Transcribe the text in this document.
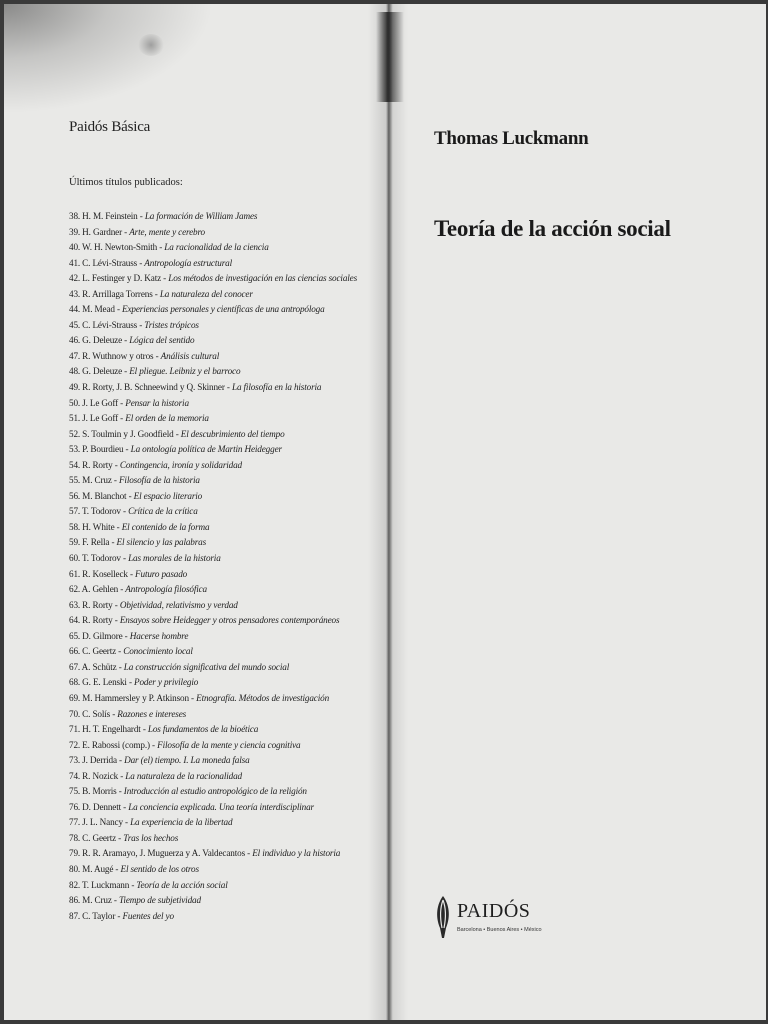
Paidós Básica
Últimos títulos publicados:
38. H. M. Feinstein - La formación de William James
39. H. Gardner - Arte, mente y cerebro
40. W. H. Newton-Smith - La racionalidad de la ciencia
41. C. Lévi-Strauss - Antropología estructural
42. L. Festinger y D. Katz - Los métodos de investigación en las ciencias sociales
43. R. Arrillaga Torrens - La naturaleza del conocer
44. M. Mead - Experiencias personales y científicas de una antropóloga
45. C. Lévi-Strauss - Tristes trópicos
46. G. Deleuze - Lógica del sentido
47. R. Wuthnow y otros - Análisis cultural
48. G. Deleuze - El pliegue. Leibniz y el barroco
49. R. Rorty, J. B. Schneewind y Q. Skinner - La filosofía en la historia
50. J. Le Goff - Pensar la historia
51. J. Le Goff - El orden de la memoria
52. S. Toulmin y J. Goodfield - El descubrimiento del tiempo
53. P. Bourdieu - La ontología política de Martin Heidegger
54. R. Rorty - Contingencia, ironía y solidaridad
55. M. Cruz - Filosofía de la historia
56. M. Blanchot - El espacio literario
57. T. Todorov - Crítica de la crítica
58. H. White - El contenido de la forma
59. F. Rella - El silencio y las palabras
60. T. Todorov - Las morales de la historia
61. R. Koselleck - Futuro pasado
62. A. Gehlen - Antropología filosófica
63. R. Rorty - Objetividad, relativismo y verdad
64. R. Rorty - Ensayos sobre Heidegger y otros pensadores contemporáneos
65. D. Gilmore - Hacerse hombre
66. C. Geertz - Conocimiento local
67. A. Schütz - La construcción significativa del mundo social
68. G. E. Lenski - Poder y privilegio
69. M. Hammersley y P. Atkinson - Etnografía. Métodos de investigación
70. C. Solís - Razones e intereses
71. H. T. Engelhardt - Los fundamentos de la bioética
72. E. Rabossi (comp.) - Filosofía de la mente y ciencia cognitiva
73. J. Derrida - Dar (el) tiempo. I. La moneda falsa
74. R. Nozick - La naturaleza de la racionalidad
75. B. Morris - Introducción al estudio antropológico de la religión
76. D. Dennett - La conciencia explicada. Una teoría interdisciplinar
77. J. L. Nancy - La experiencia de la libertad
78. C. Geertz - Tras los hechos
79. R. R. Aramayo, J. Muguerza y A. Valdecantos - El individuo y la historia
80. M. Augé - El sentido de los otros
82. T. Luckmann - Teoría de la acción social
86. M. Cruz - Tiempo de subjetividad
87. C. Taylor - Fuentes del yo
Thomas Luckmann
Teoría de la acción social
PAIDÓS
Barcelona • Buenos Aires • México
